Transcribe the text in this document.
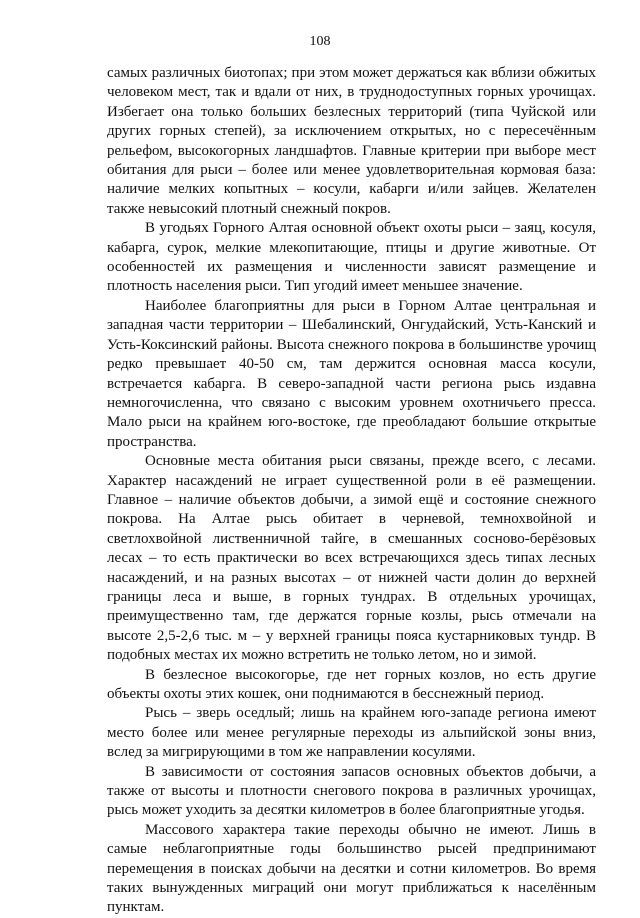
108

самых различных биотопах; при этом может держаться как вблизи обжитых человеком мест, так и вдали от них, в труднодоступных горных урочищах. Избегает она только больших безлесных территорий (типа Чуйской или других горных степей), за исключением открытых, но с пересечённым рельефом, высокогорных ландшафтов. Главные критерии при выборе мест обитания для рыси – более или менее удовлетворительная кормовая база: наличие мелких копытных – косули, кабарги и/или зайцев. Желателен также невысокий плотный снежный покров.

В угодьях Горного Алтая основной объект охоты рыси – заяц, косуля, кабарга, сурок, мелкие млекопитающие, птицы и другие животные. От особенностей их размещения и численности зависят размещение и плотность населения рыси. Тип угодий имеет меньшее значение.

Наиболее благоприятны для рыси в Горном Алтае центральная и западная части территории – Шебалинский, Онгудайский, Усть-Канский и Усть-Коксинский районы. Высота снежного покрова в большинстве урочищ редко превышает 40-50 см, там держится основная масса косули, встречается кабарга. В северо-западной части региона рысь издавна немногочисленна, что связано с высоким уровнем охотничьего пресса. Мало рыси на крайнем юго-востоке, где преобладают большие открытые пространства.

Основные места обитания рыси связаны, прежде всего, с лесами. Характер насаждений не играет существенной роли в её размещении. Главное – наличие объектов добычи, а зимой ещё и состояние снежного покрова. На Алтае рысь обитает в черневой, темнохвойной и светлохвойной лиственничной тайге, в смешанных сосново-берёзовых лесах – то есть практически во всех встречающихся здесь типах лесных насаждений, и на разных высотах – от нижней части долин до верхней границы леса и выше, в горных тундрах. В отдельных урочищах, преимущественно там, где держатся горные козлы, рысь отмечали на высоте 2,5-2,6 тыс. м – у верхней границы пояса кустарниковых тундр. В подобных местах их можно встретить не только летом, но и зимой.

В безлесное высокогорье, где нет горных козлов, но есть другие объекты охоты этих кошек, они поднимаются в бесснежный период.

Рысь – зверь оседлый; лишь на крайнем юго-западе региона имеют место более или менее регулярные переходы из альпийской зоны вниз, вслед за мигрирующими в том же направлении косулями.

В зависимости от состояния запасов основных объектов добычи, а также от высоты и плотности снегового покрова в различных урочищах, рысь может уходить за десятки километров в более благоприятные угодья.

Массового характера такие переходы обычно не имеют. Лишь в самые неблагоприятные годы большинство рысей предпринимают перемещения в поисках добычи на десятки и сотни километров. Во время таких вынужденных миграций они могут приближаться к населённым пунктам.
